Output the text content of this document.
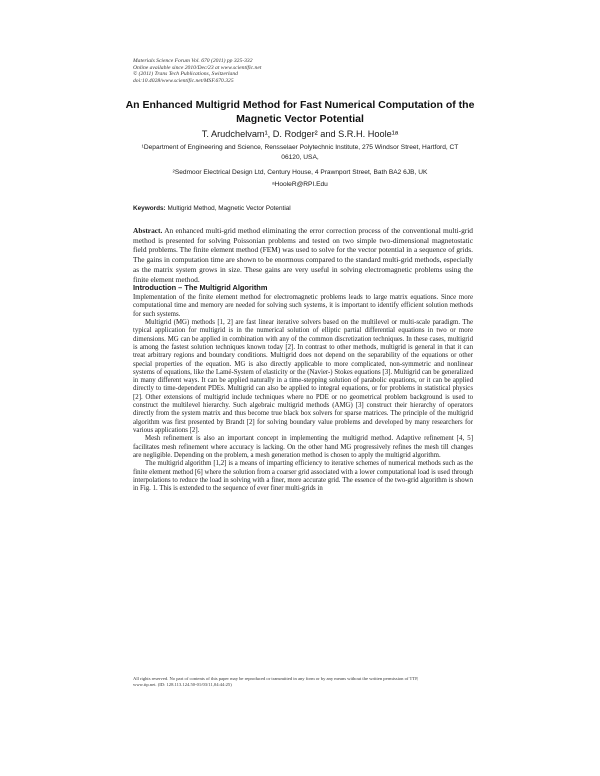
Materials Science Forum Vol. 670 (2011) pp 325-332
Online available since 2010/Dec/23 at www.scientific.net
© (2011) Trans Tech Publications, Switzerland
doi:10.4028/www.scientific.net/MSF.670.325
An Enhanced Multigrid Method for Fast Numerical Computation of the Magnetic Vector Potential
T. Arudchelvam¹, D. Rodger² and S.R.H. Hoole¹ᵃ
¹Department of Engineering and Science, Rensselaer Polytechnic Institute, 275 Windsor Street, Hartford, CT 06120, USA,
²Sedmoor Electrical Design Ltd, Century House, 4 Prawnport Street, Bath BA2 6JB, UK
ᵃHooleR@RPI.Edu
Keywords: Multigrid Method, Magnetic Vector Potential
Abstract. An enhanced multi-grid method eliminating the error correction process of the conventional multi-grid method is presented for solving Poissonian problems and tested on two simple two-dimensional magnetostatic field problems. The finite element method (FEM) was used to solve for the vector potential in a sequence of grids. The gains in computation time are shown to be enormous compared to the standard multi-grid methods, especially as the matrix system grows in size. These gains are very useful in solving electromagnetic problems using the finite element method.
Introduction – The Multigrid Algorithm

Implementation of the finite element method for electromagnetic problems leads to large matrix equations. Since more computational time and memory are needed for solving such systems, it is important to identify efficient solution methods for such systems.

Multigrid (MG) methods [1, 2] are fast linear iterative solvers based on the multilevel or multi-scale paradigm. The typical application for multigrid is in the numerical solution of elliptic partial differential equations in two or more dimensions. MG can be applied in combination with any of the common discretization techniques. In these cases, multigrid is among the fastest solution techniques known today [2]. In contrast to other methods, multigrid is general in that it can treat arbitrary regions and boundary conditions. Multigrid does not depend on the separability of the equations or other special properties of the equation. MG is also directly applicable to more complicated, non-symmetric and nonlinear systems of equations, like the Lamé-System of elasticity or the (Navier-) Stokes equations [3]. Multigrid can be generalized in many different ways. It can be applied naturally in a time-stepping solution of parabolic equations, or it can be applied directly to time-dependent PDEs. Multigrid can also be applied to integral equations, or for problems in statistical physics [2]. Other extensions of multigrid include techniques where no PDE or no geometrical problem background is used to construct the multilevel hierarchy. Such algebraic multigrid methods (AMG) [3] construct their hierarchy of operators directly from the system matrix and thus become true black box solvers for sparse matrices. The principle of the multigrid algorithm was first presented by Brandt [2] for solving boundary value problems and developed by many researchers for various applications [2].

Mesh refinement is also an important concept in implementing the multigrid method. Adaptive refinement [4, 5] facilitates mesh refinement where accuracy is lacking. On the other hand MG progressively refines the mesh till changes are negligible. Depending on the problem, a mesh generation method is chosen to apply the multigrid algorithm.

The multigrid algorithm [1,2] is a means of imparting efficiency to iterative schemes of numerical methods such as the finite element method [6] where the solution from a coarser grid associated with a lower computational load is used through interpolations to reduce the load in solving with a finer, more accurate grid. The essence of the two-grid algorithm is shown in Fig. 1. This is extended to the sequence of ever finer multi-grids in

All rights reserved. No part of contents of this paper may be reproduced or transmitted in any form or by any means without the written permission of TTP,
www.ttp.net. (ID: 128.113.124.50-01/03/11,04:44:25)
